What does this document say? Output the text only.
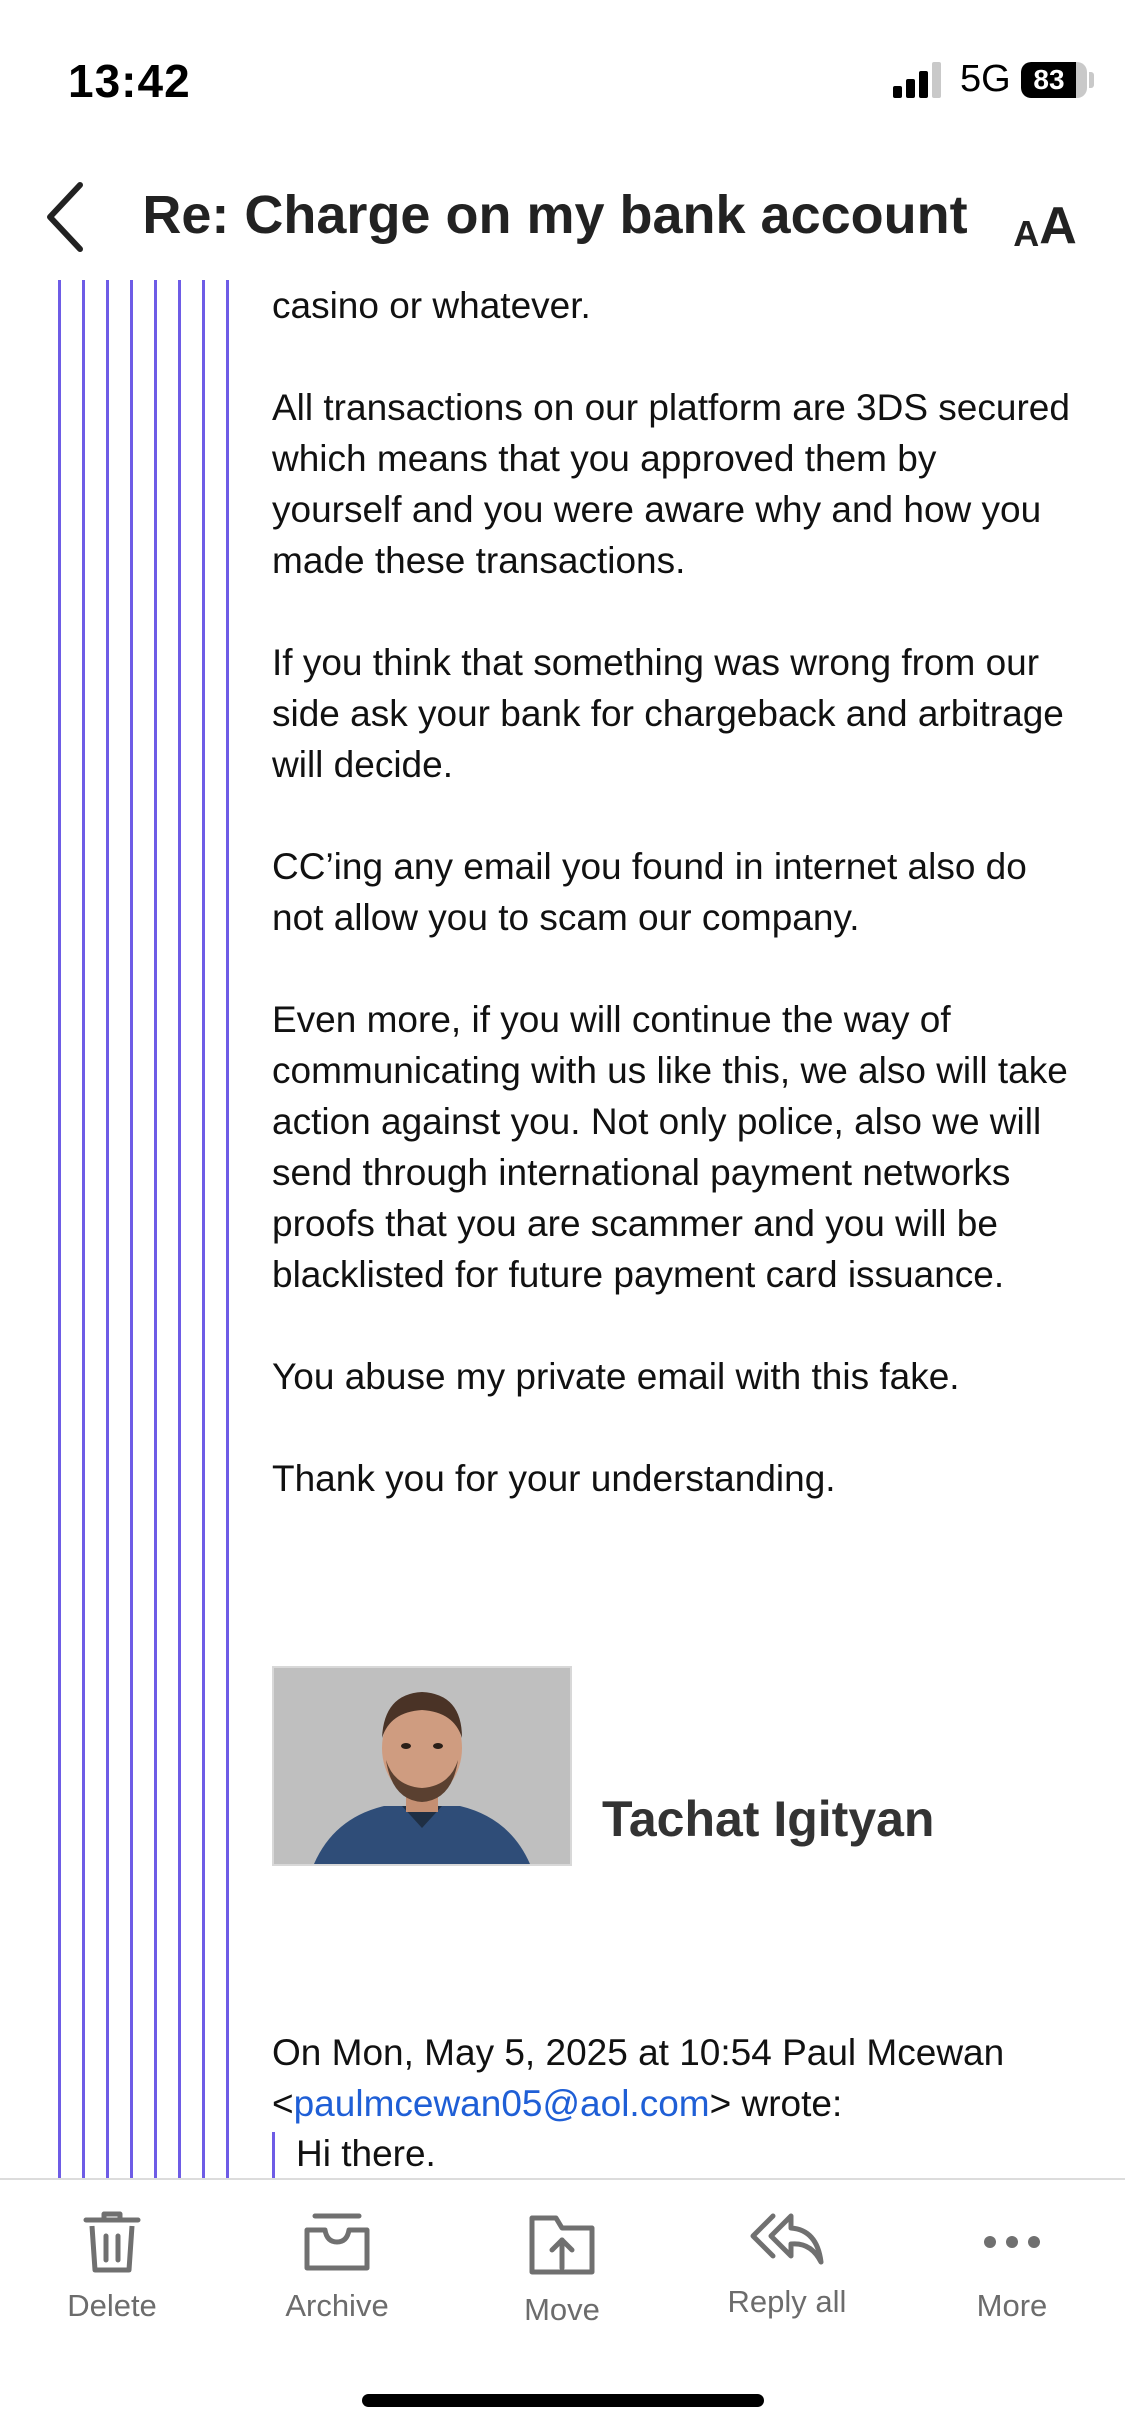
13:42	5G 83
Re: Charge on my bank account	A A

casino or whatever.

All transactions on our platform are 3DS secured which means that you approved them by yourself and you were aware why and how you made these transactions.

If you think that something was wrong from our side ask your bank for chargeback and arbitrage will decide.

CC’ing any email you found in internet also do not allow you to scam our company.

Even more, if you will continue the way of communicating with us like this, we also will take action against you. Not only police, also we will send through international payment networks proofs that you are scammer and you will be blacklisted for future payment card issuance.

You abuse my private email with this fake.

Thank you for your understanding.

Tachat Igityan
On Mon, May 5, 2025 at 10:54 Paul Mcewan <paulmcewan05@aol.com> wrote:
Hi there.
Delete	Archive	Move	Reply all	More
